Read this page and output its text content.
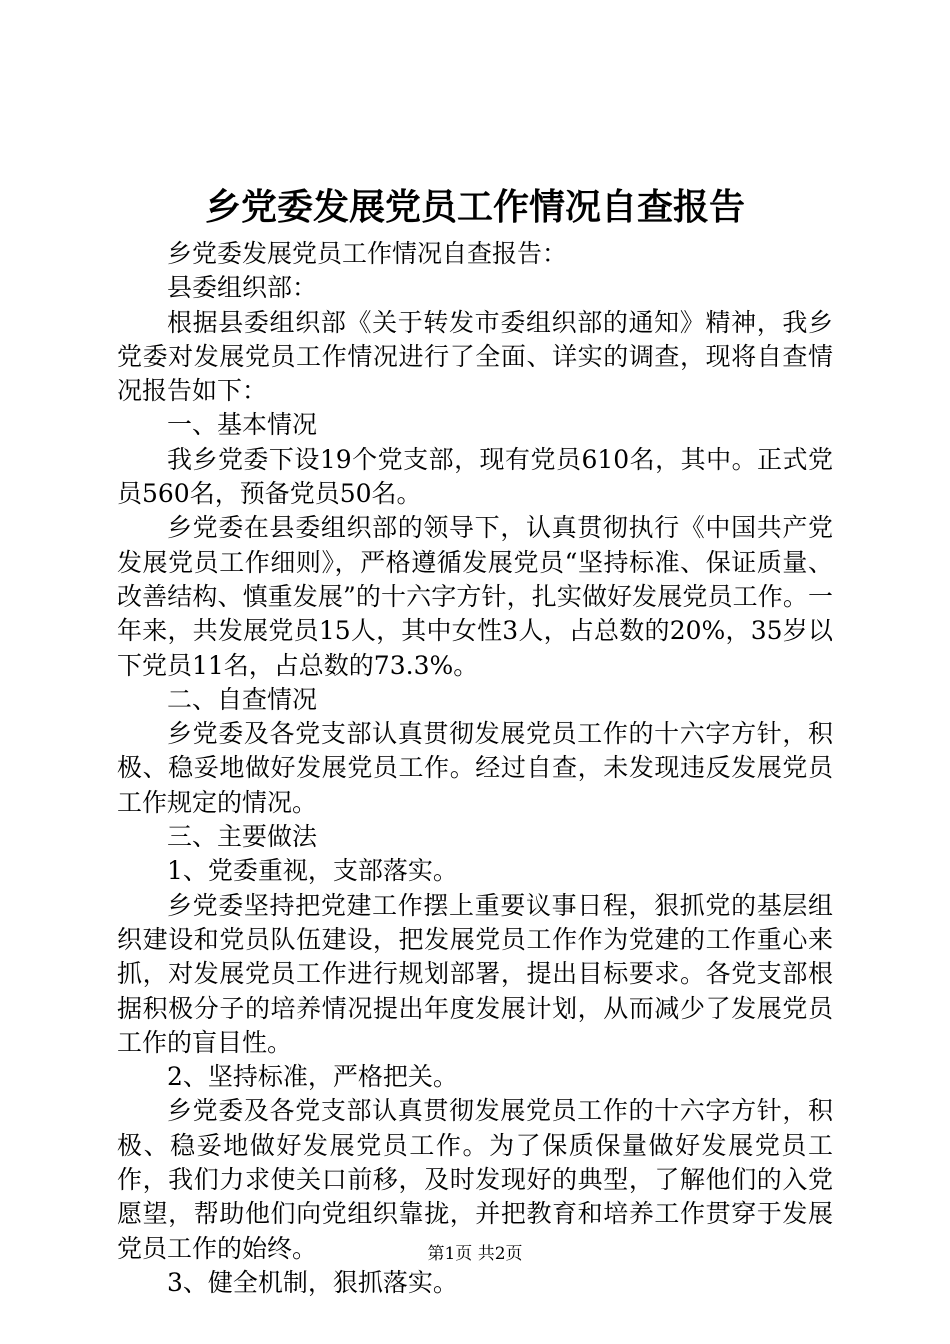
乡党委发展党员工作情况自查报告

乡党委发展党员工作情况自查报告：

县委组织部：

根据县委组织部《关于转发市委组织部的通知》精神，我乡党委对发展党员工作情况进行了全面、详实的调查，现将自查情况报告如下：

一、基本情况

我乡党委下设19个党支部，现有党员610名，其中。正式党员560名，预备党员50名。

乡党委在县委组织部的领导下，认真贯彻执行《中国共产党发展党员工作细则》，严格遵循发展党员“坚持标准、保证质量、改善结构、慎重发展”的十六字方针，扎实做好发展党员工作。一年来，共发展党员15人，其中女性3人，占总数的20%，35岁以下党员11名，占总数的73.3%。

二、自查情况

乡党委及各党支部认真贯彻发展党员工作的十六字方针，积极、稳妥地做好发展党员工作。经过自查，未发现违反发展党员工作规定的情况。

三、主要做法

1、党委重视，支部落实。

乡党委坚持把党建工作摆上重要议事日程，狠抓党的基层组织建设和党员队伍建设，把发展党员工作作为党建的工作重心来抓，对发展党员工作进行规划部署，提出目标要求。各党支部根据积极分子的培养情况提出年度发展计划，从而减少了发展党员工作的盲目性。

2、坚持标准，严格把关。

乡党委及各党支部认真贯彻发展党员工作的十六字方针，积极、稳妥地做好发展党员工作。为了保质保量做好发展党员工作，我们力求使关口前移，及时发现好的典型，了解他们的入党愿望，帮助他们向党组织靠拢，并把教育和培养工作贯穿于发展党员工作的始终。

3、健全机制，狠抓落实。

第1页 共2页
